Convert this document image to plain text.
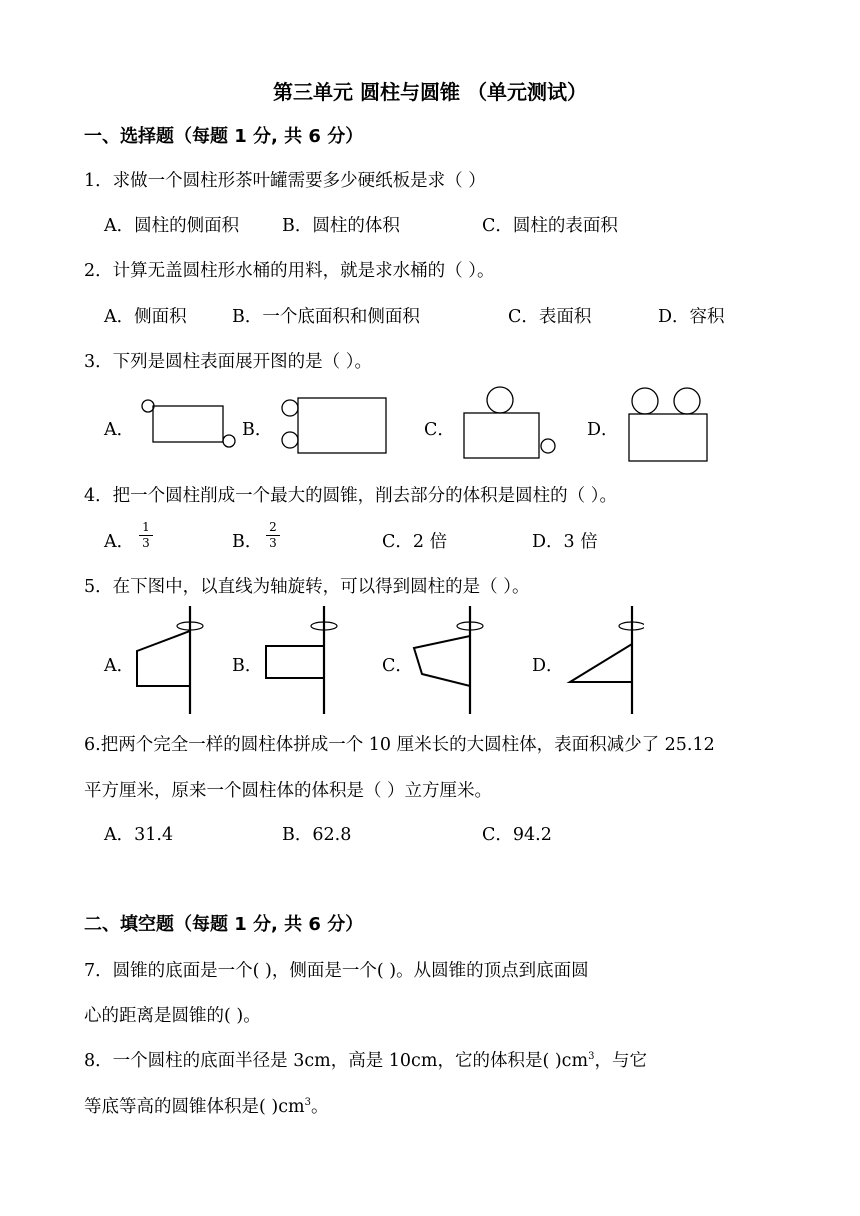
第三单元 圆柱与圆锥 （单元测试）
一、选择题（每题 1 分, 共 6 分）
1．求做一个圆柱形茶叶罐需要多少硬纸板是求（ ）
A．圆柱的侧面积 B．圆柱的体积	C．圆柱的表面积
2．计算无盖圆柱形水桶的用料，就是求水桶的（ ）。
A．侧面积	B．一个底面积和侧面积	C．表面积	D．容积
3．下列是圆柱表面展开图的是（ ）。
A．	B．	C．	D．
4．把一个圆柱削成一个最大的圆锥，削去部分的体积是圆柱的（ ）。
A．
1
3	B．
2
3	C．2 倍	D．3 倍
5．在下图中，以直线为轴旋转，可以得到圆柱的是（ ）。
A．	B．	C．	D．
6.把两个完全一样的圆柱体拼成一个 10 厘米长的大圆柱体，表面积减少了 25.12
平方厘米，原来一个圆柱体的体积是（ ）立方厘米。
A．31.4	B．62.8	C．94.2
二、填空题（每题 1 分, 共 6 分）
7．圆锥的底面是一个( )，侧面是一个( )。从圆锥的顶点到底面圆
心的距离是圆锥的( )。
8．一个圆柱的底面半径是 3cm，高是 10cm，它的体积是( )$cm^3$，与它
等底等高的圆锥体积是( )$cm^3$。
